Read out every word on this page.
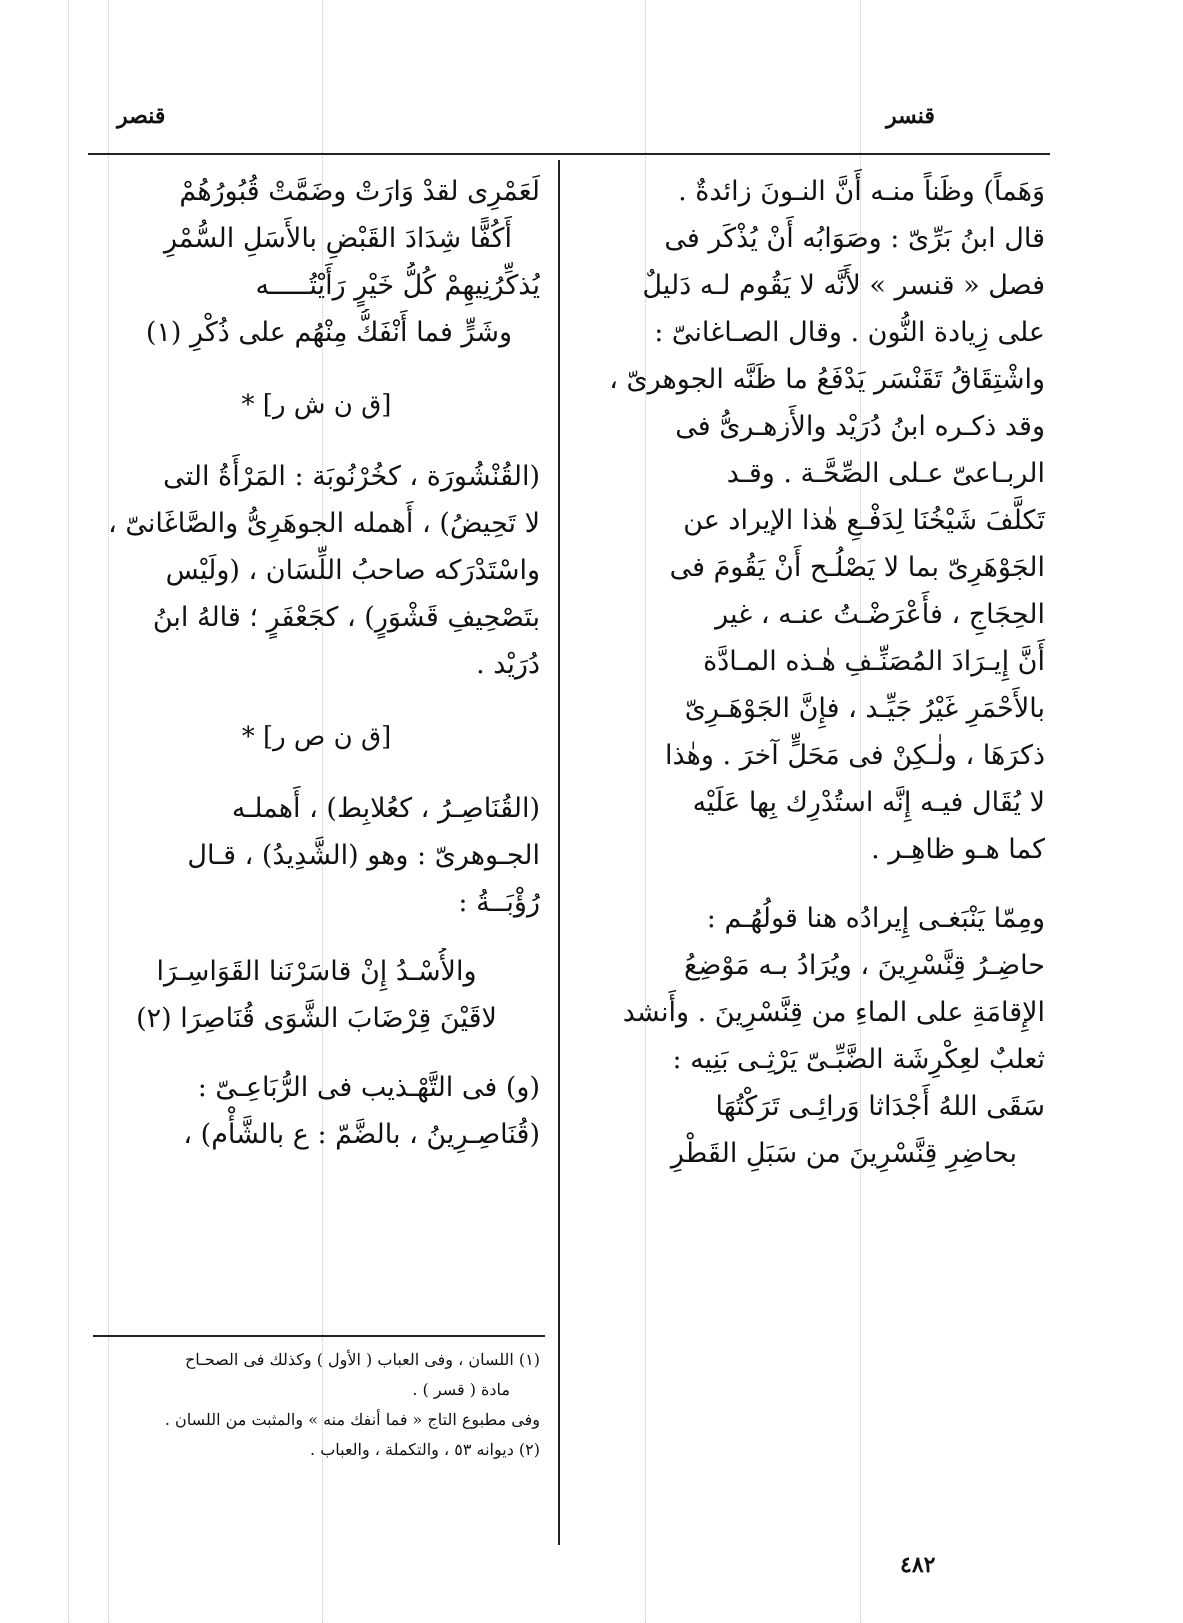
قنصر	قنسر

وَهَماً) وظَناً منـه أَنَّ النـونَ زائدةٌ .

قال ابنُ بَرِّىّ : وصَوَابُه أَنْ يُذْكَر فى

فصل « قنسر » لأَنَّه لا يَقُوم لـه دَليلٌ

على زِيادة النُّون . وقال الصـاغانىّ :

واشْتِقَاقُ تَقَنْسَر يَدْفَعُ ما ظَنَّه الجوهرىّ ،

وقد ذكـره ابنُ دُرَيْد والأَزهـرىُّ فى

الربـاعىّ عـلى الصِّحَّـة . وقـد

تَكلَّفَ شَيْخُنَا لِدَفْـعِ هٰذا الإيراد عن

الجَوْهَرِىّ بما لا يَصْلُـح أَنْ يَقُومَ فى

الحِجَاجِ ، فأَعْرَضْـتُ عنـه ، غير

أَنَّ إِيـرَادَ المُصَنِّـفِ هٰـذه المـادَّة

بالأَحْمَرِ غَيْرُ جَيِّـد ، فإِنَّ الجَوْهَـرِىّ

ذكرَهَا ، ولٰـكِنْ فى مَحَلٍّ آخرَ . وهٰذا

لا يُقَال فيـه إِنَّه استُدْرِك بِها عَلَيْه

كما هـو ظاهِـر .

ومِمّا يَنْبَغـى إِيرادُه هنا قولُهُـم :

حاضِـرُ قِنَّسْرِينَ ، ويُرَادُ بـه مَوْضِعُ

الإِقامَةِ على الماءِ من قِنَّسْرِينَ . وأَنشد

ثعلبٌ لعِكْرِشَة الضَّبِّـىّ يَرْثِـى بَنِيه :

سَقَى اللهُ أَجْدَاثا وَرائِـى تَرَكْتُهَا

بحاضِرِ قِنَّسْرِينَ من سَبَلِ القَطْرِ

لَعَمْرِى لقدْ وَارَتْ وضَمَّتْ قُبُورُهُمْ

أَكُفًّا شِدَادَ القَبْضِ بالأَسَلِ السُّمْرِ

يُذكِّرُنِيهِمْ كُلُّ خَيْرٍ رَأَيْتُـــــه

وشَرٍّ فما أَنْفَكُّ مِنْهُم على ذُكْرِ (١)

[ق ن ش ر] *

(القُنْشُورَة ، كخُرْنُوبَة : المَرْأَةُ التى

لا تَحِيضُ) ، أَهمله الجوهَرِىُّ والصَّاغَانىّ ،

واسْتَدْرَكه صاحبُ اللِّسَان ، (ولَيْس

بتَصْحِيفِ قَشْوَرٍ) ، كجَعْفَرٍ ؛ قالهُ ابنُ

دُرَيْد .

[ق ن ص ر] *

(القُنَاصِـرُ ، كعُلابِط) ، أَهملـه

الجـوهرىّ : وهو (الشَّدِيدُ) ، قـال

رُؤْبَــةُ :

والأُسْـدُ إِنْ قاسَرْنَنا القَوَاسِـرَا

لاقَيْنَ قِرْضَابَ الشَّوَى قُنَاصِرَا (٢)

(و) فى التَّهْـذيب فى الرُّبَاعِـىّ :

(قُنَاصِـرِينُ ، بالضَّمّ : ع بالشَّأْم) ،

(١) اللسان ، وفى العباب ( الأول ) وكذلك فى الصحـاح

مادة ( قسر ) .

وفى مطبوع التاج « فما أنفك منه » والمثبت من اللسان .

(٢) ديوانه ٥٣ ، والتكملة ، والعباب .

٤٨٢
